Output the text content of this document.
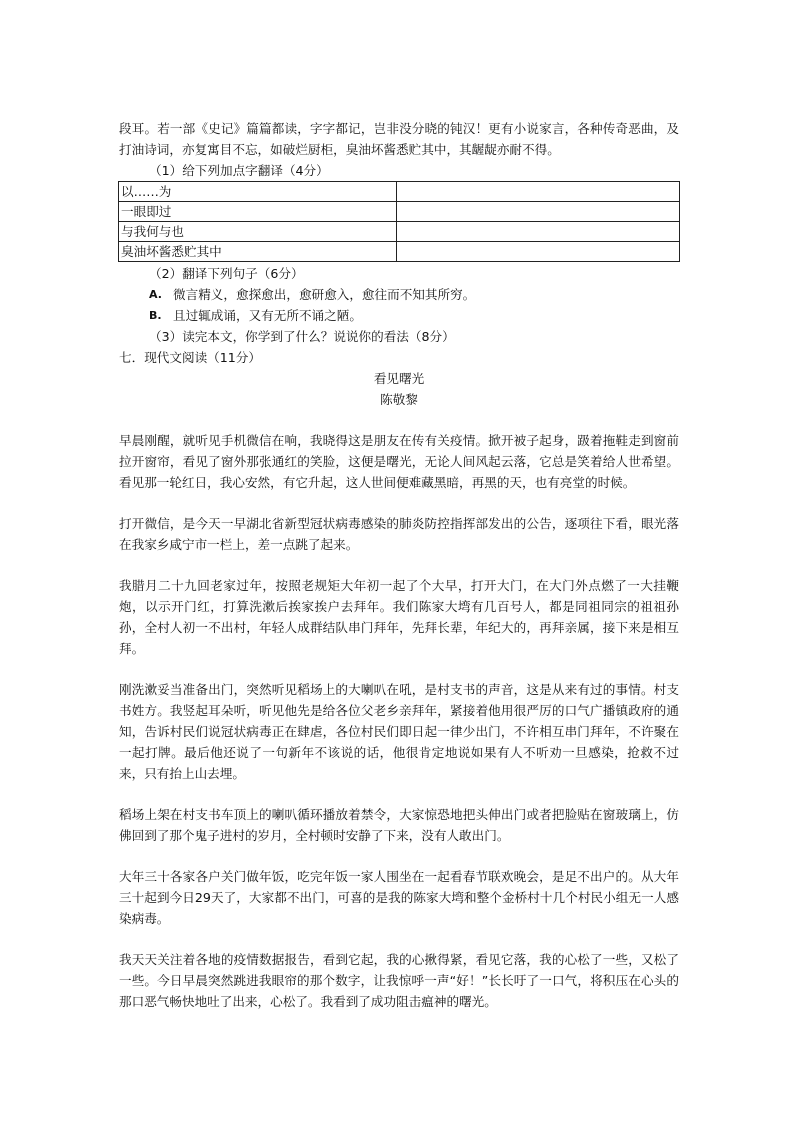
段耳。若一部《史记》篇篇都读，字字都记，岂非没分晓的钝汉！更有小说家言，各种传奇恶曲，及打油诗词，亦复寓目不忘，如破烂厨柜，臭油坏酱悉贮其中，其龌龊亦耐不得。

（1）给下列加点字翻译（4分）

以……为	
一眼即过	
与我何与也	
臭油坏酱悉贮其中	

（2）翻译下列句子（6分）

A. 微言精义，愈探愈出，愈研愈入，愈往而不知其所穷。

B. 且过辄成诵，又有无所不诵之陋。

（3）读完本文，你学到了什么？说说你的看法（8分）

七．现代文阅读（11分）

看见曙光

陈敬黎

早晨刚醒，就听见手机微信在响，我晓得这是朋友在传有关疫情。掀开被子起身，趿着拖鞋走到窗前拉开窗帘，看见了窗外那张通红的笑脸，这便是曙光，无论人间风起云落，它总是笑着给人世希望。看见那一轮红日，我心安然，有它升起，这人世间便难藏黑暗，再黑的天，也有亮堂的时候。

打开微信，是今天一早湖北省新型冠状病毒感染的肺炎防控指挥部发出的公告，逐项往下看，眼光落在我家乡咸宁市一栏上，差一点跳了起来。

我腊月二十九回老家过年，按照老规矩大年初一起了个大早，打开大门，在大门外点燃了一大挂鞭炮，以示开门红，打算洗漱后挨家挨户去拜年。我们陈家大塆有几百号人，都是同祖同宗的祖祖孙孙，全村人初一不出村，年轻人成群结队串门拜年，先拜长辈，年纪大的，再拜亲属，接下来是相互拜。

刚洗漱妥当准备出门，突然听见稻场上的大喇叭在吼，是村支书的声音，这是从来有过的事情。村支书姓方。我竖起耳朵听，听见他先是给各位父老乡亲拜年，紧接着他用很严厉的口气广播镇政府的通知，告诉村民们说冠状病毒正在肆虐，各位村民们即日起一律少出门，不许相互串门拜年，不许聚在一起打牌。最后他还说了一句新年不该说的话，他很肯定地说如果有人不听劝一旦感染，抢救不过来，只有抬上山去埋。

稻场上架在村支书车顶上的喇叭循环播放着禁令，大家惊恐地把头伸出门或者把脸贴在窗玻璃上，仿佛回到了那个鬼子进村的岁月，全村顿时安静了下来，没有人敢出门。

大年三十各家各户关门做年饭，吃完年饭一家人围坐在一起看春节联欢晚会，是足不出户的。从大年三十起到今日29天了，大家都不出门，可喜的是我的陈家大塆和整个金桥村十几个村民小组无一人感染病毒。

我天天关注着各地的疫情数据报告，看到它起，我的心揪得紧，看见它落，我的心松了一些，又松了一些。今日早晨突然跳进我眼帘的那个数字，让我惊呼一声“好！”长长吁了一口气，将积压在心头的那口恶气畅快地吐了出来，心松了。我看到了成功阻击瘟神的曙光。
